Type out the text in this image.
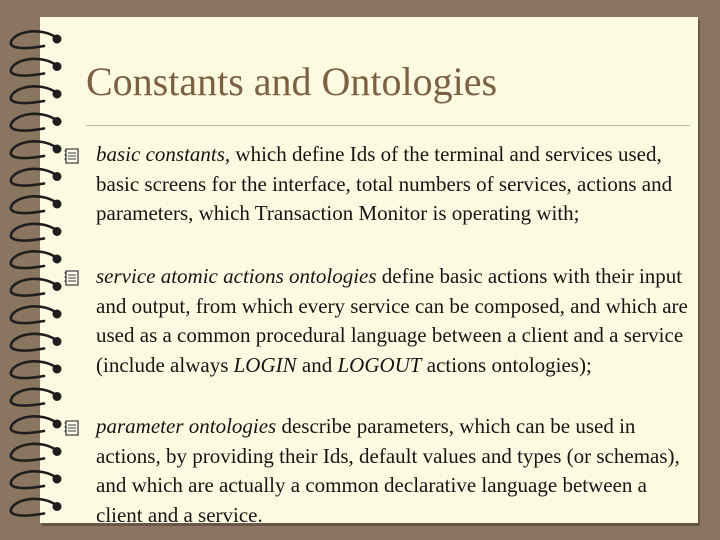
Constants and Ontologies
basic constants, which define Ids of the terminal and services used, basic screens for the interface, total numbers of services, actions and parameters, which Transaction Monitor is operating with;
service atomic actions ontologies define basic actions with their input and output, from which every service can be composed, and which are used as a common procedural language between a client and a service (include always LOGIN and LOGOUT actions ontologies);
parameter ontologies describe parameters, which can be used in actions, by providing their Ids, default values and types (or schemas), and which are actually a common declarative language between a client and a service.
